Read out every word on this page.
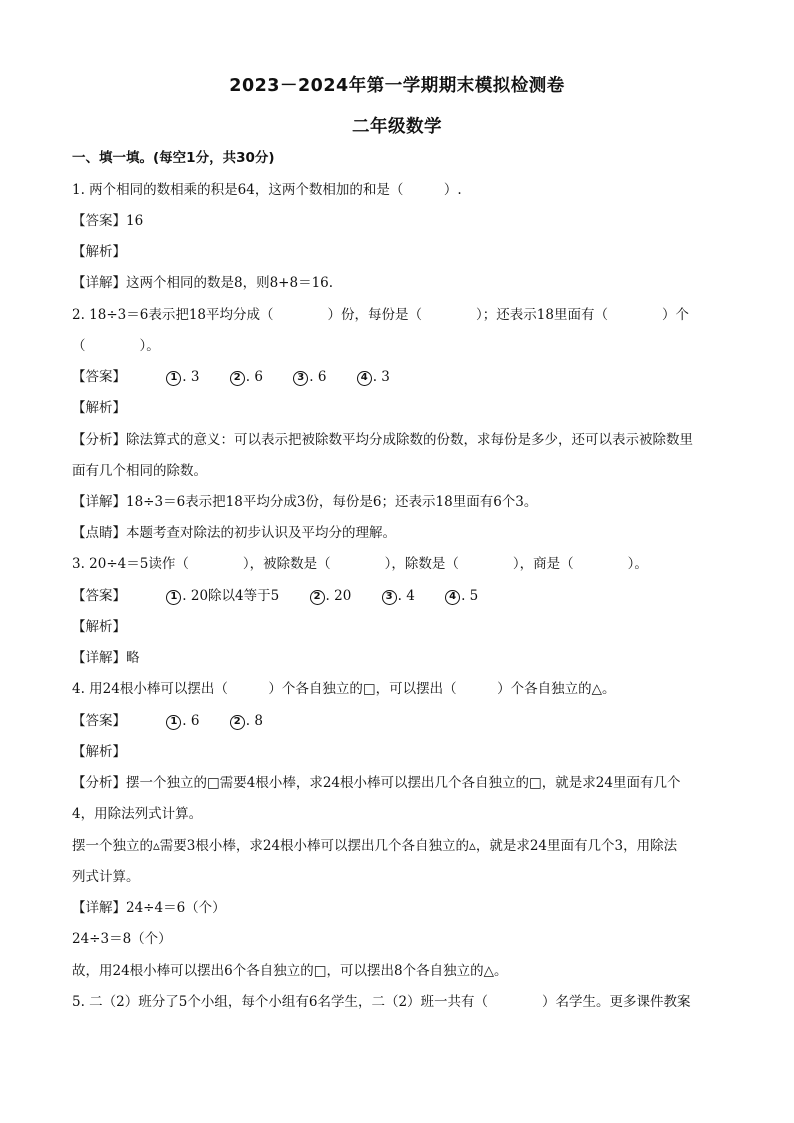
2023－2024年第一学期期末模拟检测卷
二年级数学
一、填一填。(每空1分，共30分)
1. 两个相同的数相乘的积是64，这两个数相加的和是（　　　）.
【答案】16
【解析】
【详解】这两个相同的数是8，则8+8＝16.
2. 18÷3＝6表示把18平均分成（　　　　）份，每份是（　　　　）；还表示18里面有（　　　　）个
（　　　　）。
【答案】	1 . 3	2 . 6	3 . 6	4 . 3
【解析】
【分析】除法算式的意义：可以表示把被除数平均分成除数的份数，求每份是多少，还可以表示被除数里
面有几个相同的除数。
【详解】18÷3＝6表示把18平均分成3份，每份是6；还表示18里面有6个3。
【点睛】本题考查对除法的初步认识及平均分的理解。
3. 20÷4＝5读作（　　　　），被除数是（　　　　），除数是（　　　　），商是（　　　　）。
【答案】	1 . 20除以4等于5	2 . 20	3 . 4	4 . 5
【解析】
【详解】略
4. 用24根小棒可以摆出（　　　）个各自独立的□，可以摆出（　　　）个各自独立的△。
【答案】	1 . 6	2 . 8
【解析】
【分析】摆一个独立的□需要4根小棒，求24根小棒可以摆出几个各自独立的□，就是求24里面有几个
4，用除法列式计算。
摆一个独立的▵需要3根小棒，求24根小棒可以摆出几个各自独立的▵，就是求24里面有几个3，用除法
列式计算。
【详解】24÷4＝6（个）
24÷3＝8（个）
故，用24根小棒可以摆出6个各自独立的□，可以摆出8个各自独立的△。
5. 二（2）班分了5个小组，每个小组有6名学生，二（2）班一共有（　　　　）名学生。更多课件教案
